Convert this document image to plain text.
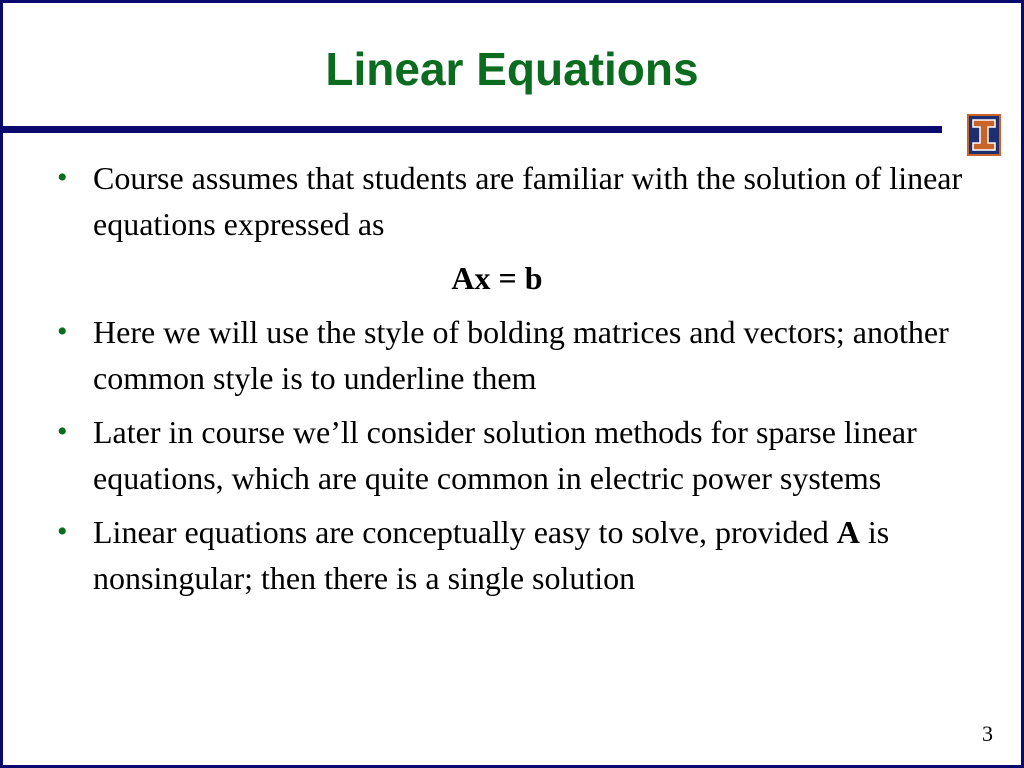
Linear Equations
• Course assumes that students are familiar with the solution of linear equations expressed as
Ax = b
• Here we will use the style of bolding matrices and vectors; another common style is to underline them
• Later in course we’ll consider solution methods for sparse linear equations, which are quite common in electric power systems
• Linear equations are conceptually easy to solve, provided A is nonsingular; then there is a single solution
3
